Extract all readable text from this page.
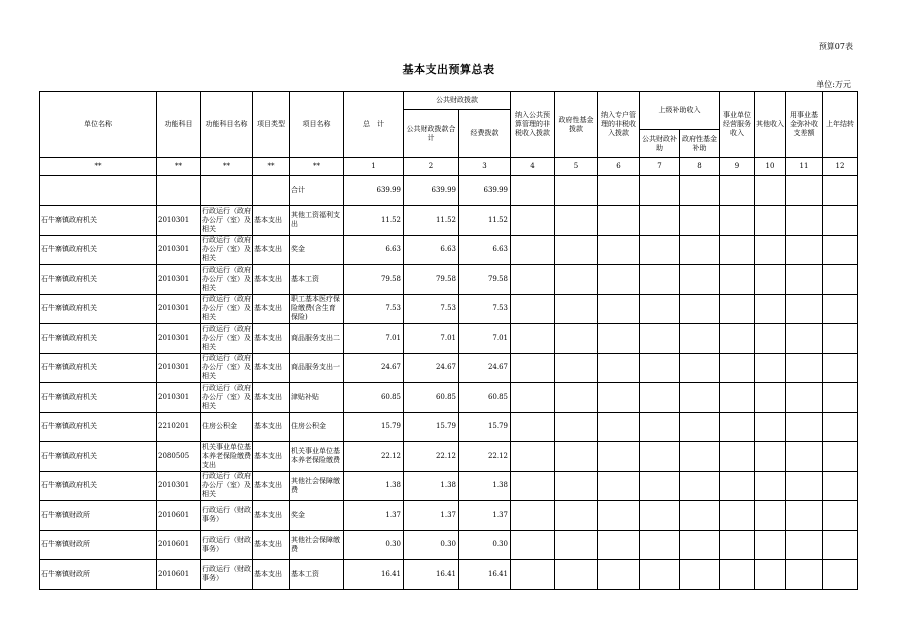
预算07表
基本支出预算总表
单位:万元
单位名称	功能科目	功能科目名称	项目类型	项目名称	总　计	公共财政拨款		纳入公共预算管理的非税收入拨款	政府性基金拨款	纳入专户管理的非税收入拨款	上级补助收入		事业单位经营服务收入	其他收入	用事业基金弥补收支差额	上年结转
						公共财政拨款合计	经费拨款									
											公共财政补助	政府性基金补助				
**	**	**	**	**	1	2	3	4	5	6	7	8	9	10	11	12
				合计	639.99	639.99	639.99									
石牛寨镇政府机关	2010301	行政运行（政府办公厅（室）及相关	基本支出	其他工资福利支出	11.52	11.52	11.52									
石牛寨镇政府机关	2010301	行政运行（政府办公厅（室）及相关	基本支出	奖金	6.63	6.63	6.63									
石牛寨镇政府机关	2010301	行政运行（政府办公厅（室）及相关	基本支出	基本工资	79.58	79.58	79.58									
石牛寨镇政府机关	2010301	行政运行（政府办公厅（室）及相关	基本支出	职工基本医疗保险缴费(含生育保险)	7.53	7.53	7.53									
石牛寨镇政府机关	2010301	行政运行（政府办公厅（室）及相关	基本支出	商品服务支出二	7.01	7.01	7.01									
石牛寨镇政府机关	2010301	行政运行（政府办公厅（室）及相关	基本支出	商品服务支出一	24.67	24.67	24.67									
石牛寨镇政府机关	2010301	行政运行（政府办公厅（室）及相关	基本支出	津贴补贴	60.85	60.85	60.85									
石牛寨镇政府机关	2210201	住房公积金	基本支出	住房公积金	15.79	15.79	15.79									
石牛寨镇政府机关	2080505	机关事业单位基本养老保险缴费支出	基本支出	机关事业单位基本养老保险缴费	22.12	22.12	22.12									
石牛寨镇政府机关	2010301	行政运行（政府办公厅（室）及相关	基本支出	其他社会保障缴费	1.38	1.38	1.38									
石牛寨镇财政所	2010601	行政运行（财政事务）	基本支出	奖金	1.37	1.37	1.37									
石牛寨镇财政所	2010601	行政运行（财政事务）	基本支出	其他社会保障缴费	0.30	0.30	0.30									
石牛寨镇财政所	2010601	行政运行（财政事务）	基本支出	基本工资	16.41	16.41	16.41									
